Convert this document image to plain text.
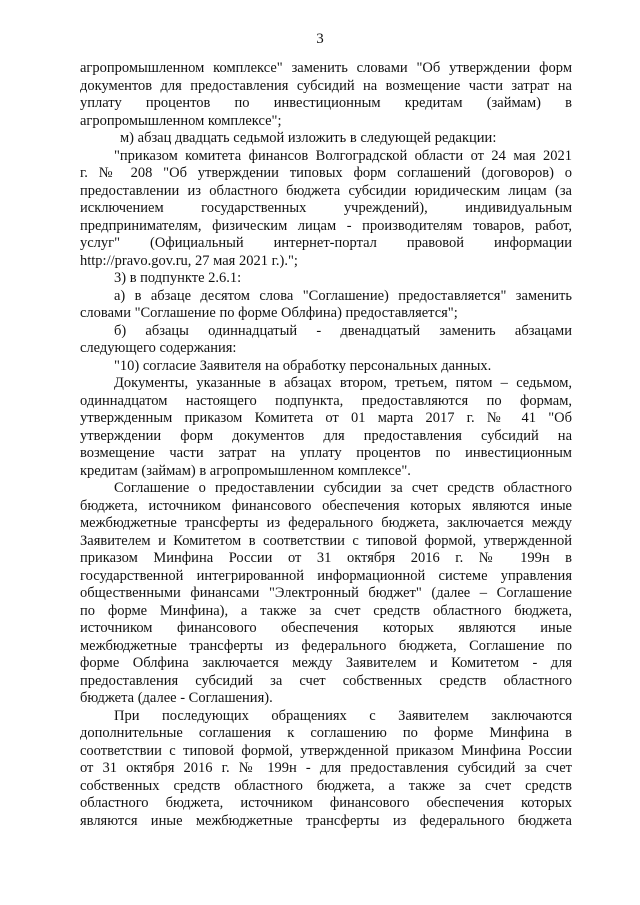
3
агропромышленном комплексе" заменить словами "Об утверждении форм
документов для предоставления субсидий на возмещение части затрат на
уплату процентов по инвестиционным кредитам (займам) в
агропромышленном комплексе";
м) абзац двадцать седьмой изложить в следующей редакции:
"приказом комитета финансов Волгоградской области от 24 мая 2021
г. № 208 "Об утверждении типовых форм соглашений (договоров) о
предоставлении из областного бюджета субсидии юридическим лицам (за
исключением государственных учреждений), индивидуальным
предпринимателям, физическим лицам - производителям товаров, работ,
услуг" (Официальный интернет-портал правовой информации
http://pravo.gov.ru, 27 мая 2021 г.).";
3) в подпункте 2.6.1:
а) в абзаце десятом слова "Соглашение) предоставляется" заменить
словами "Соглашение по форме Облфина) предоставляется";
б) абзацы одиннадцатый - двенадцатый заменить абзацами
следующего содержания:
"10) согласие Заявителя на обработку персональных данных.
Документы, указанные в абзацах втором, третьем, пятом – седьмом,
одиннадцатом настоящего подпункта, предоставляются по формам,
утвержденным приказом Комитета от 01 марта 2017 г. № 41 "Об
утверждении форм документов для предоставления субсидий на
возмещение части затрат на уплату процентов по инвестиционным
кредитам (займам) в агропромышленном комплексе".
Соглашение о предоставлении субсидии за счет средств областного
бюджета, источником финансового обеспечения которых являются иные
межбюджетные трансферты из федерального бюджета, заключается между
Заявителем и Комитетом в соответствии с типовой формой, утвержденной
приказом Минфина России от 31 октября 2016 г. № 199н в
государственной интегрированной информационной системе управления
общественными финансами "Электронный бюджет" (далее – Соглашение
по форме Минфина), а также за счет средств областного бюджета,
источником финансового обеспечения которых являются иные
межбюджетные трансферты из федерального бюджета, Соглашение по
форме Облфина заключается между Заявителем и Комитетом - для
предоставления субсидий за счет собственных средств областного
бюджета (далее - Соглашения).
При последующих обращениях с Заявителем заключаются
дополнительные соглашения к соглашению по форме Минфина в
соответствии с типовой формой, утвержденной приказом Минфина России
от 31 октября 2016 г. № 199н - для предоставления субсидий за счет
собственных средств областного бюджета, а также за счет средств
областного бюджета, источником финансового обеспечения которых
являются иные межбюджетные трансферты из федерального бюджета
